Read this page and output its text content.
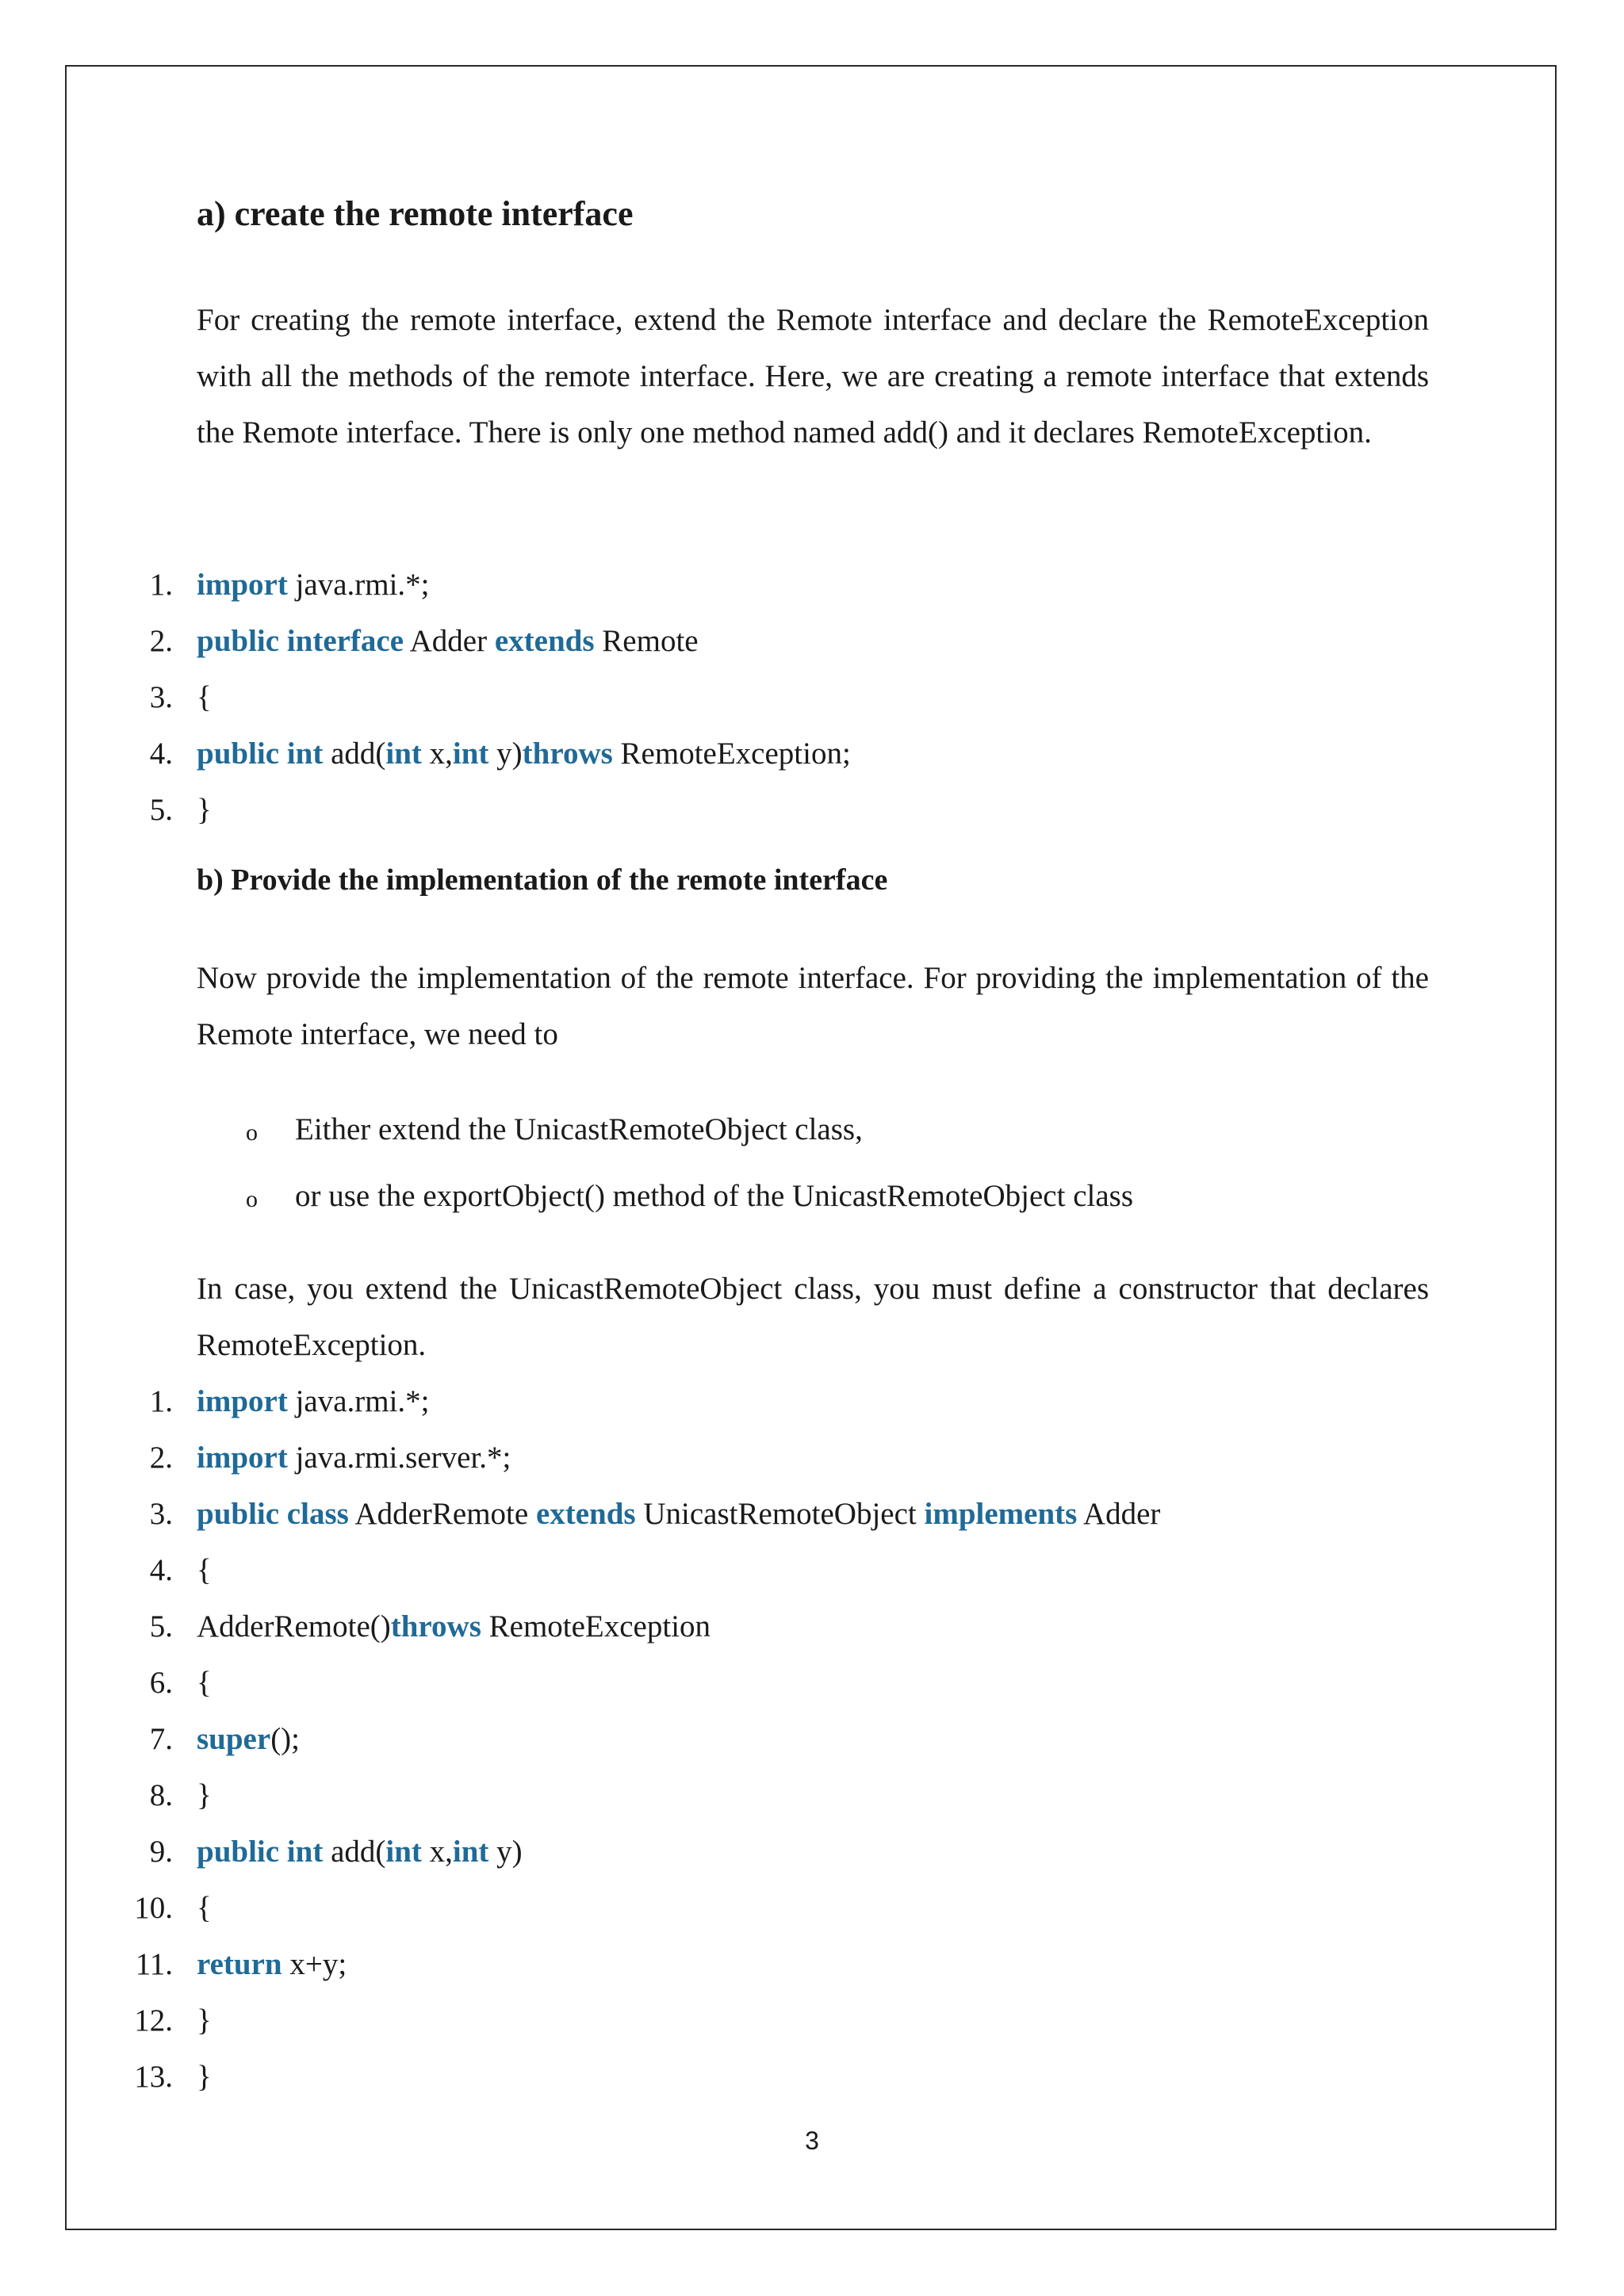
a) create the remote interface

For creating the remote interface, extend the Remote interface and declare the RemoteException with all the methods of the remote interface. Here, we are creating a remote interface that extends the Remote interface. There is only one method named add() and it declares RemoteException.

1. import java.rmi.*;
2. public interface Adder extends Remote
3. {
4. public int add(int x,int y)throws RemoteException;
5. }
b) Provide the implementation of the remote interface

Now provide the implementation of the remote interface. For providing the implementation of the Remote interface, we need to

o Either extend the UnicastRemoteObject class,
o or use the exportObject() method of the UnicastRemoteObject class

In case, you extend the UnicastRemoteObject class, you must define a constructor that declares RemoteException.

1. import java.rmi.*;
2. import java.rmi.server.*;
3. public class AdderRemote extends UnicastRemoteObject implements Adder
4. {
5. AdderRemote()throws RemoteException
6. {
7. super();
8. }
9. public int add(int x,int y)
10. {
11. return x+y;
12. }
13. }
3
